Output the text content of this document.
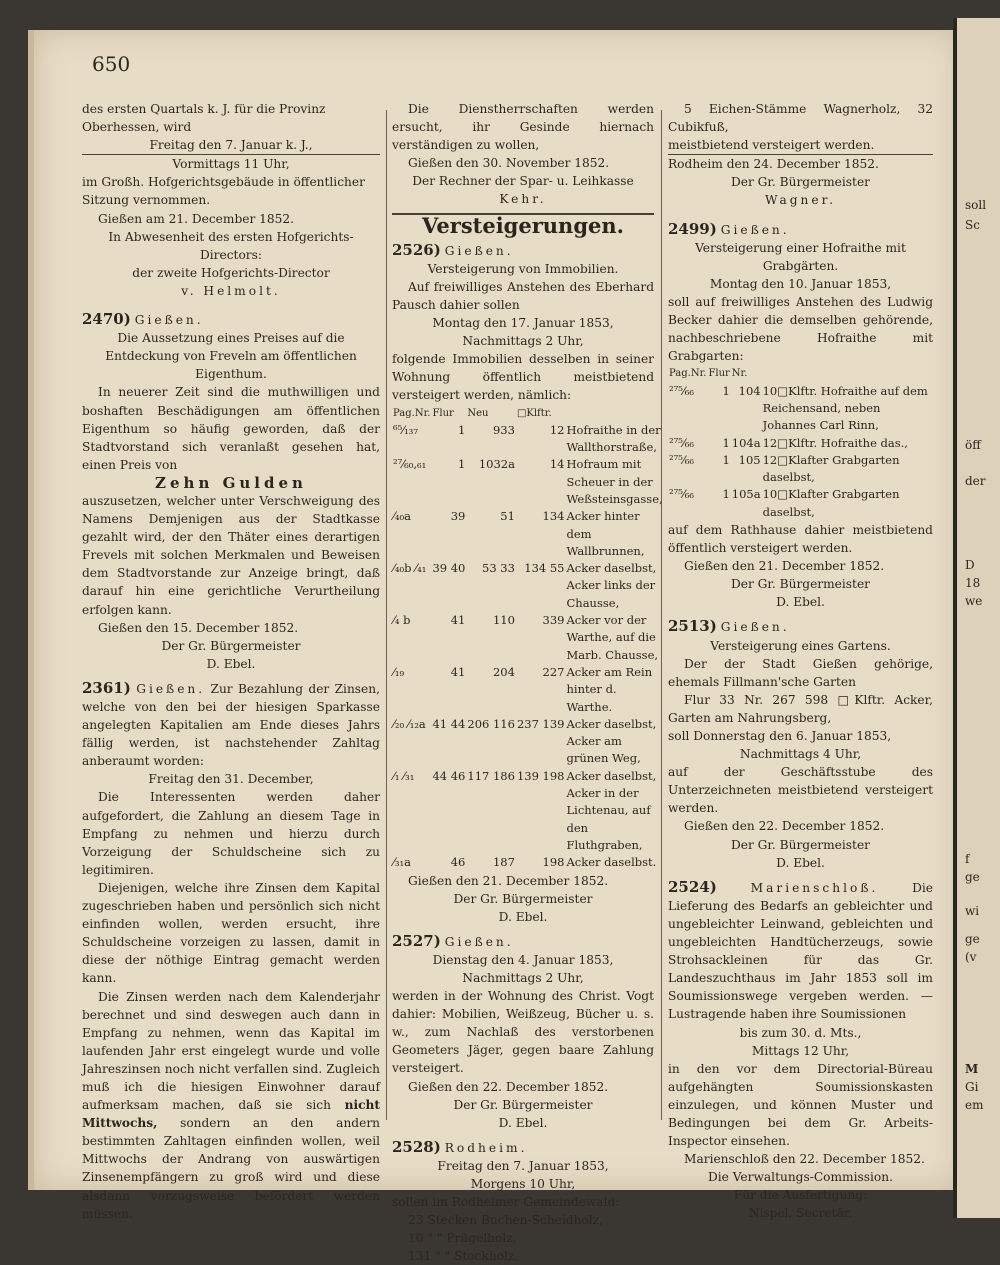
soll
Sc
öff
der
D
18
we
f
ge
wi
ge
(v
M
Gi
em
650

des ersten Quartals k. J. für die Provinz Oberhessen, wird

Freitag den 7. Januar k. J.,

Vormittags 11 Uhr,

im Großh. Hofgerichtsgebäude in öffentlicher Sitzung vernommen.

Gießen am 21. December 1852.

In Abwesenheit des ersten Hofgerichts-Directors:

der zweite Hofgerichts-Director

v. Helmolt.

2470) Gießen.

Die Aussetzung eines Preises auf die Entdeckung von Freveln am öffentlichen Eigenthum.

In neuerer Zeit sind die muthwilligen und boshaften Beschädigungen am öffentlichen Eigenthum so häufig geworden, daß der Stadtvorstand sich veranlaßt gesehen hat, einen Preis von

Zehn Gulden

auszusetzen, welcher unter Verschweigung des Namens Demjenigen aus der Stadtkasse gezahlt wird, der den Thäter eines derartigen Frevels mit solchen Merkmalen und Beweisen dem Stadtvorstande zur Anzeige bringt, daß darauf hin eine gerichtliche Verurtheilung erfolgen kann.

Gießen den 15. December 1852.

Der Gr. Bürgermeister

D. Ebel.

2361) Gießen. Zur Bezahlung der Zinsen, welche von den bei der hiesigen Sparkasse angelegten Kapitalien am Ende dieses Jahrs fällig werden, ist nachstehender Zahltag anberaumt worden:

Freitag den 31. December,

Die Interessenten werden daher aufgefordert, die Zahlung an diesem Tage in Empfang zu nehmen und hierzu durch Vorzeigung der Schuldscheine sich zu legitimiren.

Diejenigen, welche ihre Zinsen dem Kapital zugeschrieben haben und persönlich sich nicht einfinden wollen, werden ersucht, ihre Schuldscheine vorzeigen zu lassen, damit in diese der nöthige Eintrag gemacht werden kann.

Die Zinsen werden nach dem Kalenderjahr berechnet und sind deswegen auch dann in Empfang zu nehmen, wenn das Kapital im laufenden Jahr erst eingelegt wurde und volle Jahreszinsen noch nicht verfallen sind. Zugleich muß ich die hiesigen Einwohner darauf aufmerksam machen, daß sie sich nicht Mittwochs, sondern an den andern bestimmten Zahltagen einfinden wollen, weil Mittwochs der Andrang von auswärtigen Zinsenempfängern zu groß wird und diese alsdann vorzugsweise befördert werden müssen.

Die Dienstherrschaften werden ersucht, ihr Gesinde hiernach verständigen zu wollen,

Gießen den 30. November 1852.

Der Rechner der Spar- u. Leihkasse

Kehr.

Versteigerungen.

2526) Gießen.

Versteigerung von Immobilien.

Auf freiwilliges Anstehen des Eberhard Pausch dahier sollen

Montag den 17. Januar 1853,

Nachmittags 2 Uhr,

folgende Immobilien desselben in seiner Wohnung öffentlich meistbietend versteigert werden, nämlich:

Pag.Nr.	Flur	Neu	□Klftr.	
⁶⁵⁄₁₃₇	1	933	12	Hofraithe in der Wallthorstraße,
²⁷⁄₆₀,₆₁	1	1032a	14	Hofraum mit Scheuer in der Weßsteinsgasse,
⁄₄₀a	39	51	134	Acker hinter dem Wallbrunnen,
⁄₄₀b ⁄₄₁	39 40	53 33	134 55	Acker daselbst, Acker links der Chausse,
⁄₄ b	41	110	339	Acker vor der Warthe, auf die Marb. Chausse,
⁄₁₉	41	204	227	Acker am Rein hinter d. Warthe.
⁄₂₀ ⁄₁₂a	41 44	206 116	237 139	Acker daselbst, Acker am grünen Weg,
⁄₁ ⁄₃₁	44 46	117 186	139 198	Acker daselbst, Acker in der Lichtenau, auf den Fluthgraben,
⁄₃₁a	46	187	198	Acker daselbst.

Gießen den 21. December 1852.

Der Gr. Bürgermeister

D. Ebel.

2527) Gießen.

Dienstag den 4. Januar 1853,

Nachmittags 2 Uhr,

werden in der Wohnung des Christ. Vogt dahier: Mobilien, Weißzeug, Bücher u. s. w., zum Nachlaß des verstorbenen Geometers Jäger, gegen baare Zahlung versteigert.

Gießen den 22. December 1852.

Der Gr. Bürgermeister

D. Ebel.

2528) Rodheim.

Freitag den 7. Januar 1853,

Morgens 10 Uhr,

sollen im Rodheimer Gemeindewald:

23 Stecken Buchen-Scheidholz,

10 " " Prügelholz,

131 " " Stockholz,

5 Eichen-Stämme Wagnerholz, 32 Cubikfuß,

meistbietend versteigert werden.

Rodheim den 24. December 1852.

Der Gr. Bürgermeister

Wagner.

2499) Gießen.

Versteigerung einer Hofraithe mit Grabgärten.

Montag den 10. Januar 1853,

soll auf freiwilliges Anstehen des Ludwig Becker dahier die demselben gehörende, nachbeschriebene Hofraithe mit Grabgarten:

Pag.Nr.	Flur	Nr.	
²⁷⁵⁄₆₆	1	104	10□Klftr. Hofraithe auf dem Reichensand, neben Johannes Carl Rinn,
²⁷⁵⁄₆₆	1	104a	12□Klftr. Hofraithe das.,
²⁷⁵⁄₆₆	1	105	12□Klafter Grabgarten daselbst,
²⁷⁵⁄₆₆	1	105a	10□Klafter Grabgarten daselbst,

auf dem Rathhause dahier meistbietend öffentlich versteigert werden.

Gießen den 21. December 1852.

Der Gr. Bürgermeister

D. Ebel.

2513) Gießen.

Versteigerung eines Gartens.

Der der Stadt Gießen gehörige, ehemals Fillmann'sche Garten

Flur 33 Nr. 267 598 □Klftr. Acker, Garten am Nahrungsberg,

soll Donnerstag den 6. Januar 1853,

Nachmittags 4 Uhr,

auf der Geschäftsstube des Unterzeichneten meistbietend versteigert werden.

Gießen den 22. December 1852.

Der Gr. Bürgermeister

D. Ebel.

2524)	Marienschloß.	Die Lieferung des Bedarfs an gebleichter und ungebleichter Leinwand, gebleichten und ungebleichten Handtücherzeugs, sowie Strohsackleinen für das Gr. Landeszuchthaus im Jahr 1853 soll im Soumissionswege vergeben werden. — Lustragende haben ihre Soumissionen

bis zum 30. d. Mts.,

Mittags 12 Uhr,

in den vor dem Directorial-Büreau aufgehängten Soumissionskasten einzulegen, und können Muster und Bedingungen bei dem Gr. Arbeits-Inspector einsehen.

Marienschloß den 22. December 1852.

Die Verwaltungs-Commission.

Für die Ausfertigung:

Nispel, Secretär.
